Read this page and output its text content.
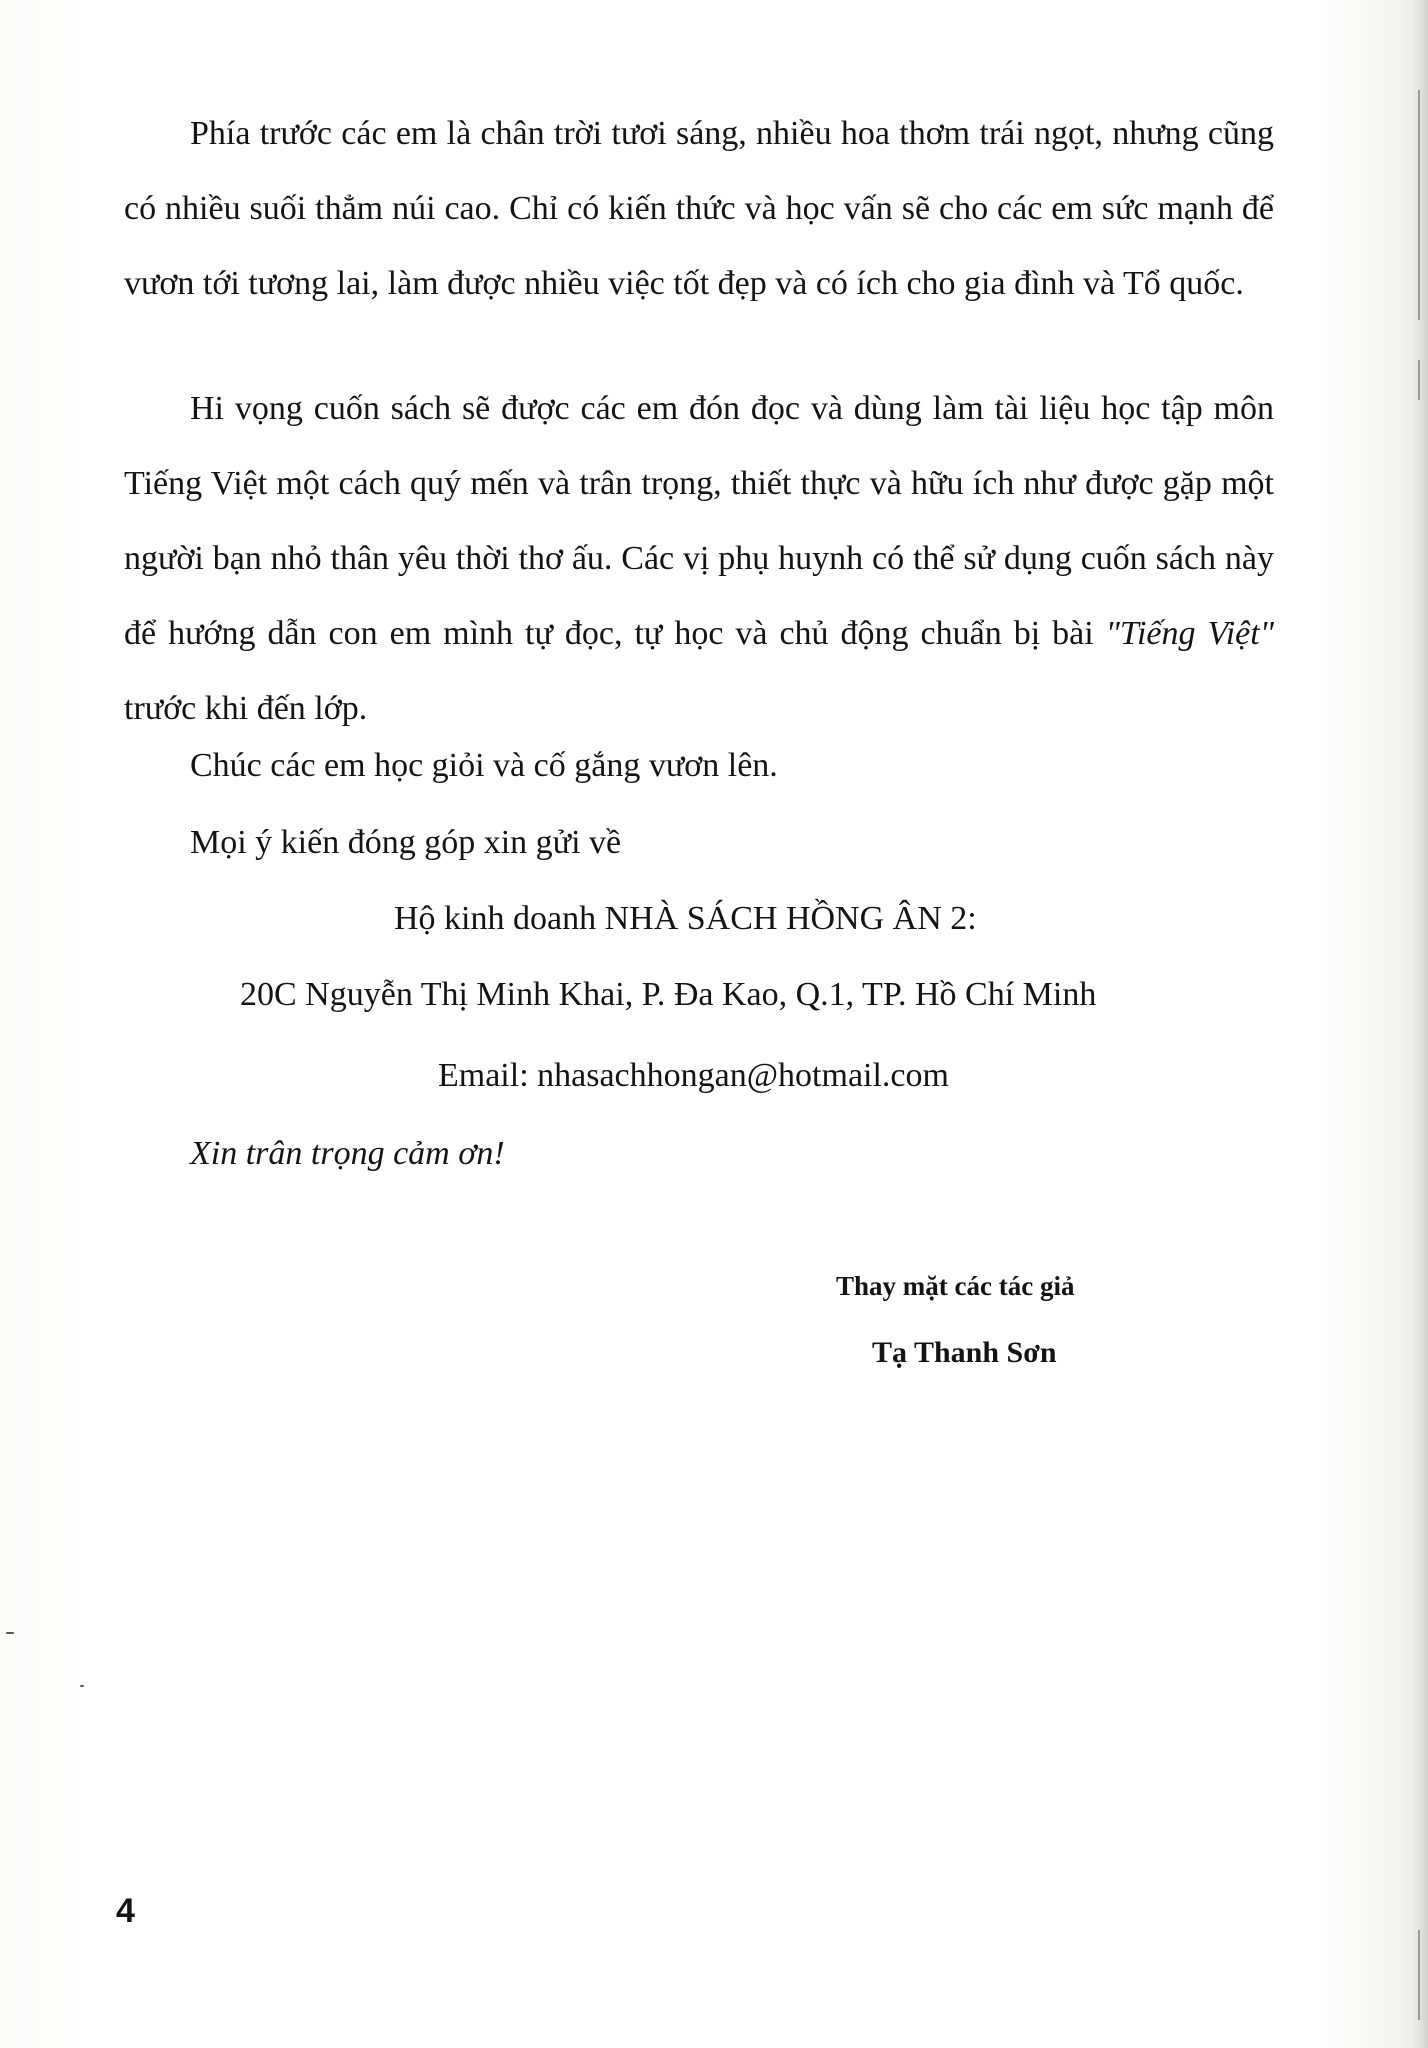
Phía trước các em là chân trời tươi sáng, nhiều hoa thơm trái ngọt, nhưng cũng có nhiều suối thẳm núi cao. Chỉ có kiến thức và học vấn sẽ cho các em sức mạnh để vươn tới tương lai, làm được nhiều việc tốt đẹp và có ích cho gia đình và Tổ quốc.

Hi vọng cuốn sách sẽ được các em đón đọc và dùng làm tài liệu học tập môn Tiếng Việt một cách quý mến và trân trọng, thiết thực và hữu ích như được gặp một người bạn nhỏ thân yêu thời thơ ấu. Các vị phụ huynh có thể sử dụng cuốn sách này để hướng dẫn con em mình tự đọc, tự học và chủ động chuẩn bị bài "Tiếng Việt" trước khi đến lớp.

Chúc các em học giỏi và cố gắng vươn lên.

Mọi ý kiến đóng góp xin gửi về

Hộ kinh doanh NHÀ SÁCH HỒNG ÂN 2:

20C Nguyễn Thị Minh Khai, P. Đa Kao, Q.1, TP. Hồ Chí Minh

Email: nhasachhongan@hotmail.com

Xin trân trọng cảm ơn!

Thay mặt các tác giả

Tạ Thanh Sơn

4
